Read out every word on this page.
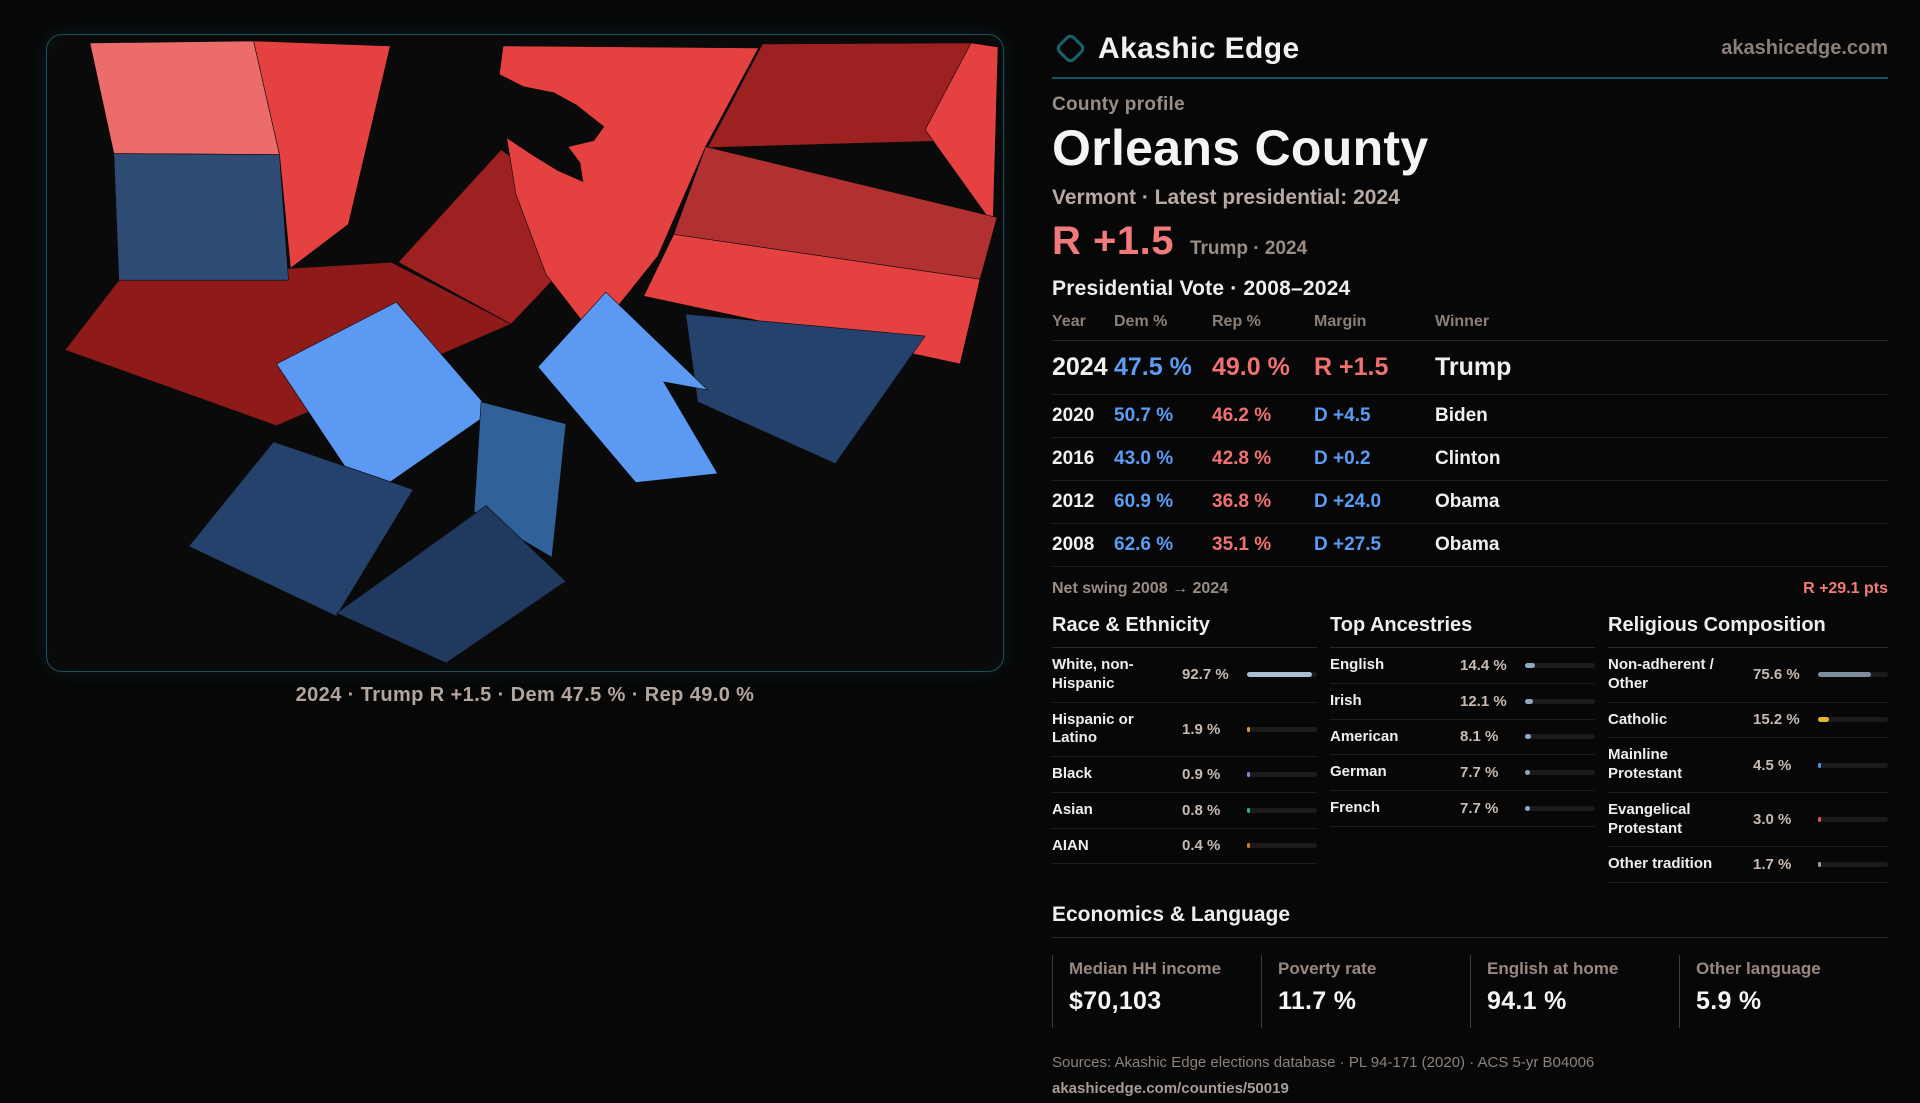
2024 · Trump R +1.5 · Dem 47.5 % · Rep 49.0 %
Akashic Edge	akashicedge.com
County profile
Orleans County
Vermont · Latest presidential: 2024
R +1.5 Trump · 2024
Presidential Vote · 2008–2024
Year	Dem %	Rep %	Margin	Winner
2024 47.5 % 49.0 % R +1.5	Trump
2020	50.7 %	46.2 %	D +4.5	Biden
2016	43.0 %	42.8 %	D +0.2	Clinton
2012	60.9 %	36.8 %	D +24.0	Obama
2008	62.6 %	35.1 %	D +27.5	Obama
Net swing 2008 → 2024	R +29.1 pts
Race & Ethnicity
White, non-Hispanic	92.7 %
Hispanic or Latino	1.9 %
Black	0.9 %
Asian	0.8 %
AIAN	0.4 %
Top Ancestries
English	14.4 %
Irish	12.1 %
American	8.1 %
German	7.7 %
French	7.7 %
Religious Composition
Non-adherent / Other	75.6 %
Catholic	15.2 %
Mainline Protestant	4.5 %
Evangelical Protestant	3.0 %
Other tradition	1.7 %
Economics & Language
Median HH income
$70,103
Poverty rate
11.7 %
English at home
94.1 %
Other language
5.9 %
Sources: Akashic Edge elections database · PL 94-171 (2020) · ACS 5-yr B04006
akashicedge.com/counties/50019
